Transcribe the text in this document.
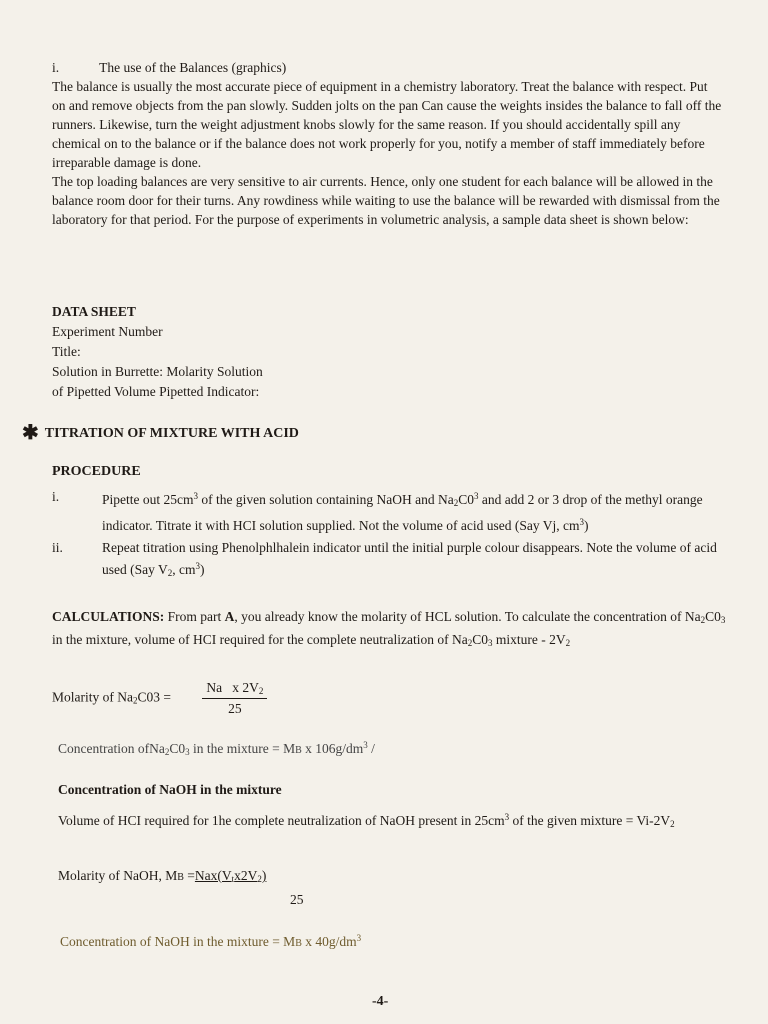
i.	The use of the Balances (graphics)

The balance is usually the most accurate piece of equipment in a chemistry laboratory. Treat the balance with respect. Put on and remove objects from the pan slowly. Sudden jolts on the pan Can cause the weights insides the balance to fall off the runners. Likewise, turn the weight adjustment knobs slowly for the same reason. If you should accidentally spill any chemical on to the balance or if the balance does not work properly for you, notify a member of staff immediately before irreparable damage is done.

The top loading balances are very sensitive to air currents. Hence, only one student for each balance will be allowed in the balance room door for their turns. Any rowdiness while waiting to use the balance will be rewarded with dismissal from the laboratory for that period. For the purpose of experiments in volumetric analysis, a sample data sheet is shown below:

DATA SHEET
Experiment Number
Title:
Solution in Burrette: Molarity Solution
of Pipetted Volume Pipetted Indicator:
✱ TITRATION OF MIXTURE WITH ACID
PROCEDURE
i.	Pipette out $25cm^3$ of the given solution containing NaOH and $Na_2C0^3$ and add 2 or 3 drop of the methyl orange indicator. Titrate it with HCI solution supplied. Not the volume of acid used (Say Vj, $cm^3$)
ii.	Repeat titration using Phenolphlhalein indicator until the initial purple colour disappears. Note the volume of acid used (Say $V_2$, $cm^3$)
CALCULATIONS: From part A, you already know the molarity of HCL solution. To calculate the concentration of $Na_2C0_3$ in the mixture, volume of HCI required for the complete neutralization of $Na_2C0_3$ mixture - $2V_2$
Molarity of $Na_2C03 = \frac{Na x 2V_2}{25}$
Concentration $ofNa_2C0_3$ in the mixture = MB x $106g/dm^3$ /
Concentration of NaOH in the mixture
Volume of HCI required for 1he complete neutralization of NaOH present in $25cm^3$ of the given mixture = $Vi-2V_2$
Molarity of NaOH, MB $=Nax(V_tx2V_2)$
25
Concentration of NaOH in the mixture = MB x $40g/dm^3$
-4-
